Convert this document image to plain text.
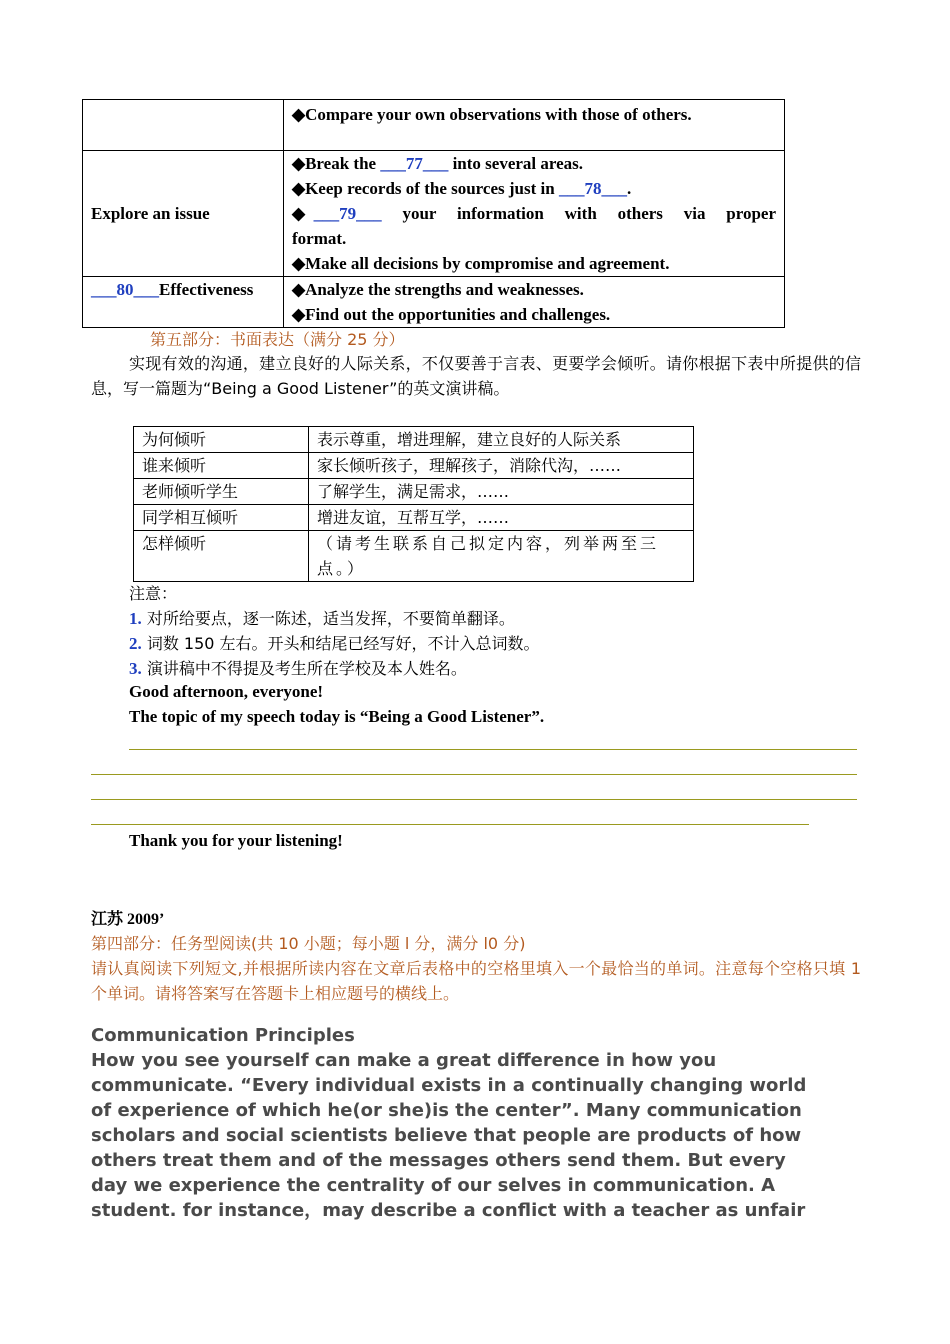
	◆Compare your own observations with those of others.
Explore an issue	◆Break the ___77___ into several areas.
◆Keep records of the sources just in ___78___.
◆___79___ your information with others via proper format.
◆Make all decisions by compromise and agreement.

___80___Effectiveness	◆Analyze the strengths and weaknesses.
◆Find out the opportunities and challenges.
第五部分：书面表达（满分 25 分）
实现有效的沟通，建立良好的人际关系，不仅要善于言表、更要学会倾听。请你根据下表中所提供的信息，写一篇题为“Being a Good Listener”的英文演讲稿。
为何倾听	表示尊重，增进理解，建立良好的人际关系
谁来倾听	家长倾听孩子，理解孩子，消除代沟，……
老师倾听学生	了解学生，满足需求，……
同学相互倾听	增进友谊，互帮互学，……
怎样倾听	（请考生联系自己拟定内容，列举两至三点。）
注意：
1. 对所给要点，逐一陈述，适当发挥，不要简单翻译。
2. 词数 150 左右。开头和结尾已经写好，不计入总词数。
3. 演讲稿中不得提及考生所在学校及本人姓名。
Good afternoon, everyone!
The topic of my speech today is “Being a Good Listener”.
Thank you for your listening!
江苏 2009’
第四部分：任务型阅读(共 10 小题；每小题 l 分，满分 l0 分)
请认真阅读下列短文,并根据所读内容在文章后表格中的空格里填入一个最恰当的单词。注意每个空格只填 1 个单词。请将答案写在答题卡上相应题号的横线上。
Communication Principles
How you see yourself can make a great difference in how you
communicate. “Every individual exists in a continually changing world
of experience of which he(or she)is the center”. Many communication
scholars and social scientists believe that people are products of how
others treat them and of the messages others send them. But every
day we experience the centrality of our selves in communication. A
student. for instance，may describe a conflict with a teacher as unfair
